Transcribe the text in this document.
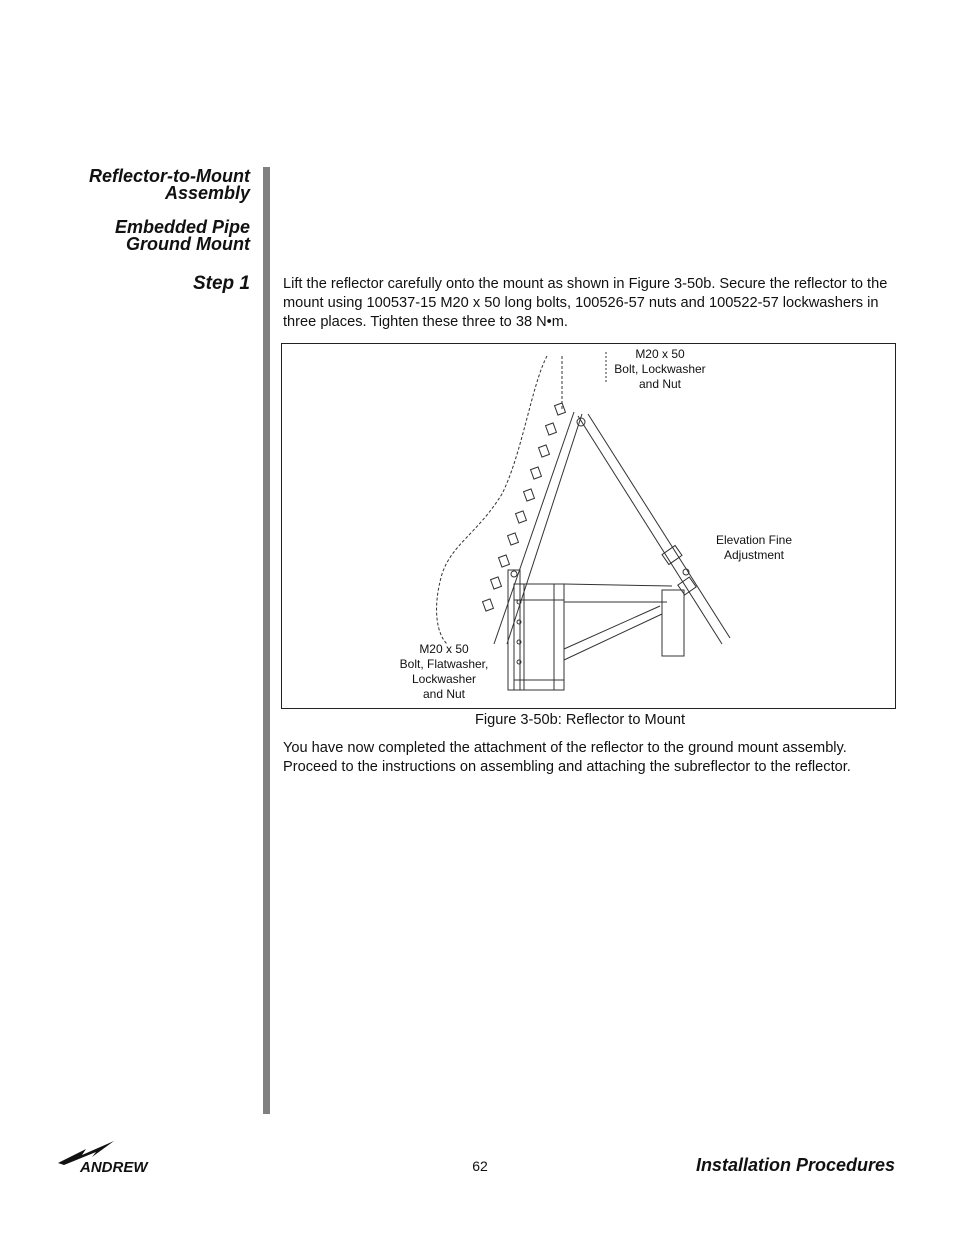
Reflector-to-Mount
Assembly
Embedded Pipe
Ground Mount
Step 1 Lift the reflector carefully onto the mount as shown in Figure 3-50b. Secure the reflector to the mount using 100537-15 M20 x 50 long bolts, 100526-57 nuts and 100522-57 lockwashers in three places. Tighten these three to 38 N•m.
M20 x 50
Bolt, Lockwasher
and Nut
Elevation Fine
Adjustment
M20 x 50
Bolt, Flatwasher,
Lockwasher
and Nut
Figure 3-50b: Reflector to Mount
You have now completed the attachment of the reflector to the ground mount assembly. Proceed to the instructions on assembling and attaching the subreflector to the reflector.
ANDREW	62	Installation Procedures
